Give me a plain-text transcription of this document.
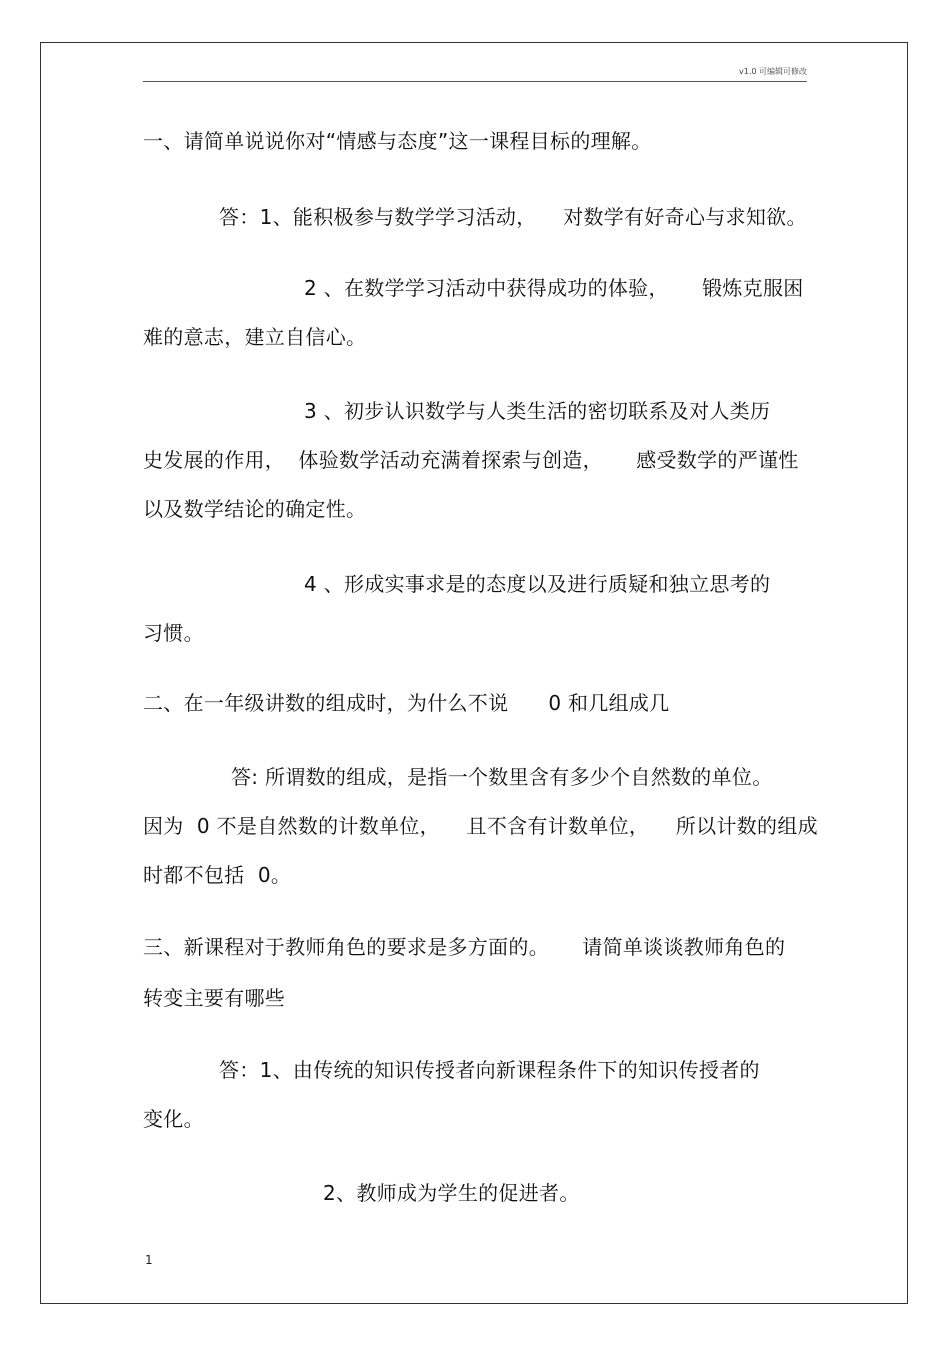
v1.0 可编辑可修改
一、请简单说说你对“情感与态度”这一课程目标的理解。
答：1、能积极参与数学学习活动，    对数学有好奇心与求知欲。
2 、在数学学习活动中获得成功的体验，     锻炼克服困
难的意志，建立自信心。
3 、初步认识数学与人类生活的密切联系及对人类历
史发展的作用，  体验数学活动充满着探索与创造，     感受数学的严谨性
以及数学结论的确定性。
4 、形成实事求是的态度以及进行质疑和独立思考的
习惯。
二、在一年级讲数的组成时，为什么不说      0 和几组成几
答: 所谓数的组成，是指一个数里含有多少个自然数的单位。
因为  0 不是自然数的计数单位，    且不含有计数单位，    所以计数的组成
时都不包括  0。
三、新课程对于教师角色的要求是多方面的。     请简单谈谈教师角色的
转变主要有哪些
答：1、由传统的知识传授者向新课程条件下的知识传授者的
变化。
2、教师成为学生的促进者。
1
